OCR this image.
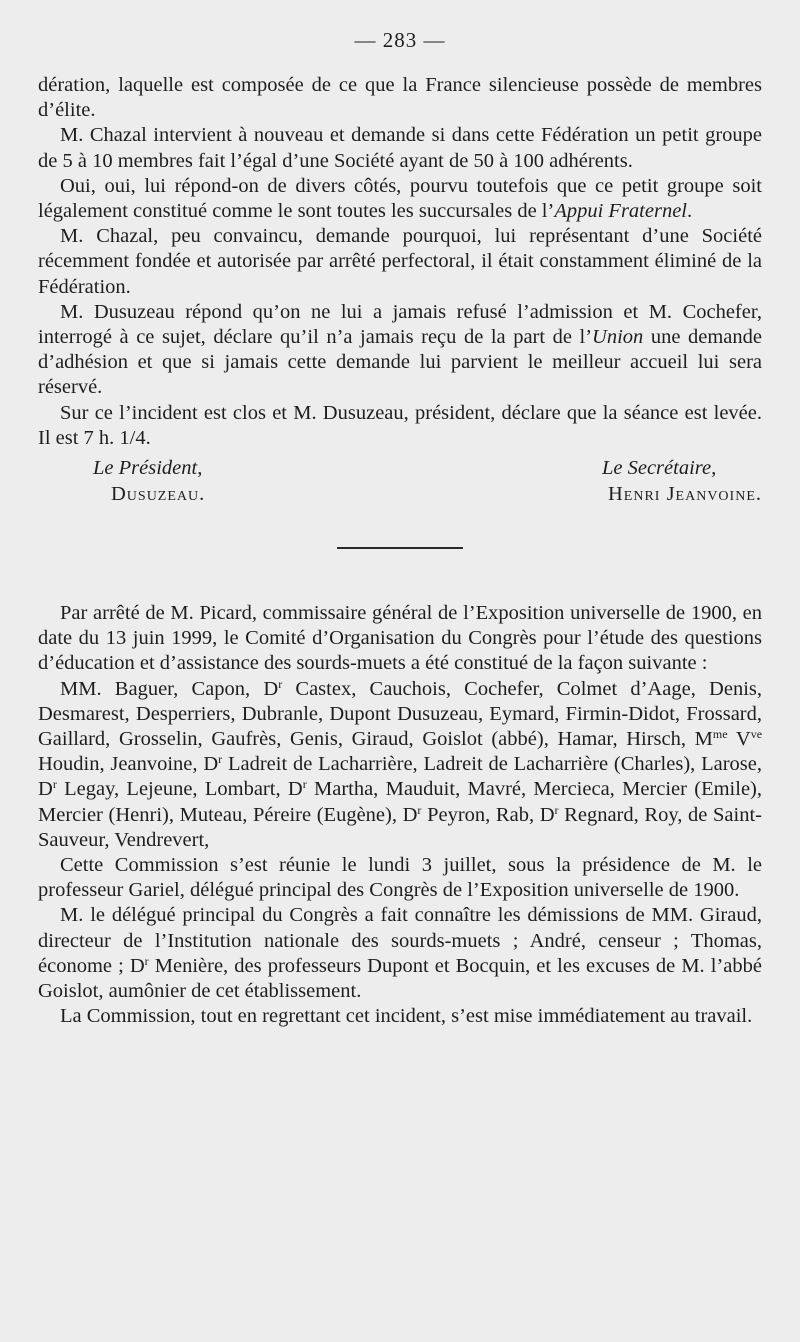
— 283 —

dération, laquelle est composée de ce que la France silencieuse possède de membres d’élite.

M. Chazal intervient à nouveau et demande si dans cette Fédération un petit groupe de 5 à 10 membres fait l’égal d’une Société ayant de 50 à 100 adhérents.

Oui, oui, lui répond-on de divers côtés, pourvu toutefois que ce petit groupe soit légalement constitué comme le sont toutes les succursales de l’Appui Fraternel.

M. Chazal, peu convaincu, demande pourquoi, lui représentant d’une Société récemment fondée et autorisée par arrêté perfectoral, il était constamment éliminé de la Fédération.

M. Dusuzeau répond qu’on ne lui a jamais refusé l’admission et M. Cochefer, interrogé à ce sujet, déclare qu’il n’a jamais reçu de la part de l’Union une demande d’adhésion et que si jamais cette demande lui parvient le meilleur accueil lui sera réservé.

Sur ce l’incident est clos et M. Dusuzeau, président, déclare que la séance est levée. Il est 7 h. 1/4.

Le Président,
Dusuzeau.
Le Secrétaire,
Henri Jeanvoine.

Par arrêté de M. Picard, commissaire général de l’Exposition universelle de 1900, en date du 13 juin 1999, le Comité d’Organisation du Congrès pour l’étude des questions d’éducation et d’assistance des sourds-muets a été constitué de la façon suivante :

MM. Baguer, Capon, $D^r$ Castex, Cauchois, Cochefer, Colmet d’Aage, Denis, Desmarest, Desperriers, Dubranle, Dupont Dusuzeau, Eymard, Firmin-Didot, Frossard, Gaillard, Grosselin, Gaufrès, Genis, Giraud, Goislot (abbé), Hamar, Hirsch, $M^{me}$ $V^{ve}$ Houdin, Jeanvoine, $D^r$ Ladreit de Lacharrière, Ladreit de Lacharrière (Charles), Larose, $D^r$ Legay, Lejeune, Lombart, $D^r$ Martha, Mauduit, Mavré, Mercieca, Mercier (Emile), Mercier (Henri), Muteau, Péreire (Eugène), $D^r$ Peyron, Rab, $D^r$ Regnard, Roy, de Saint-Sauveur, Vendrevert,

Cette Commission s’est réunie le lundi 3 juillet, sous la présidence de M. le professeur Gariel, délégué principal des Congrès de l’Exposition universelle de 1900.

M. le délégué principal du Congrès a fait connaître les démissions de MM. Giraud, directeur de l’Institution nationale des sourds-muets ; André, censeur ; Thomas, économe ; $D^r$ Menière, des professeurs Dupont et Bocquin, et les excuses de M. l’abbé Goislot, aumônier de cet établissement.

La Commission, tout en regrettant cet incident, s’est mise immédiatement au travail.
